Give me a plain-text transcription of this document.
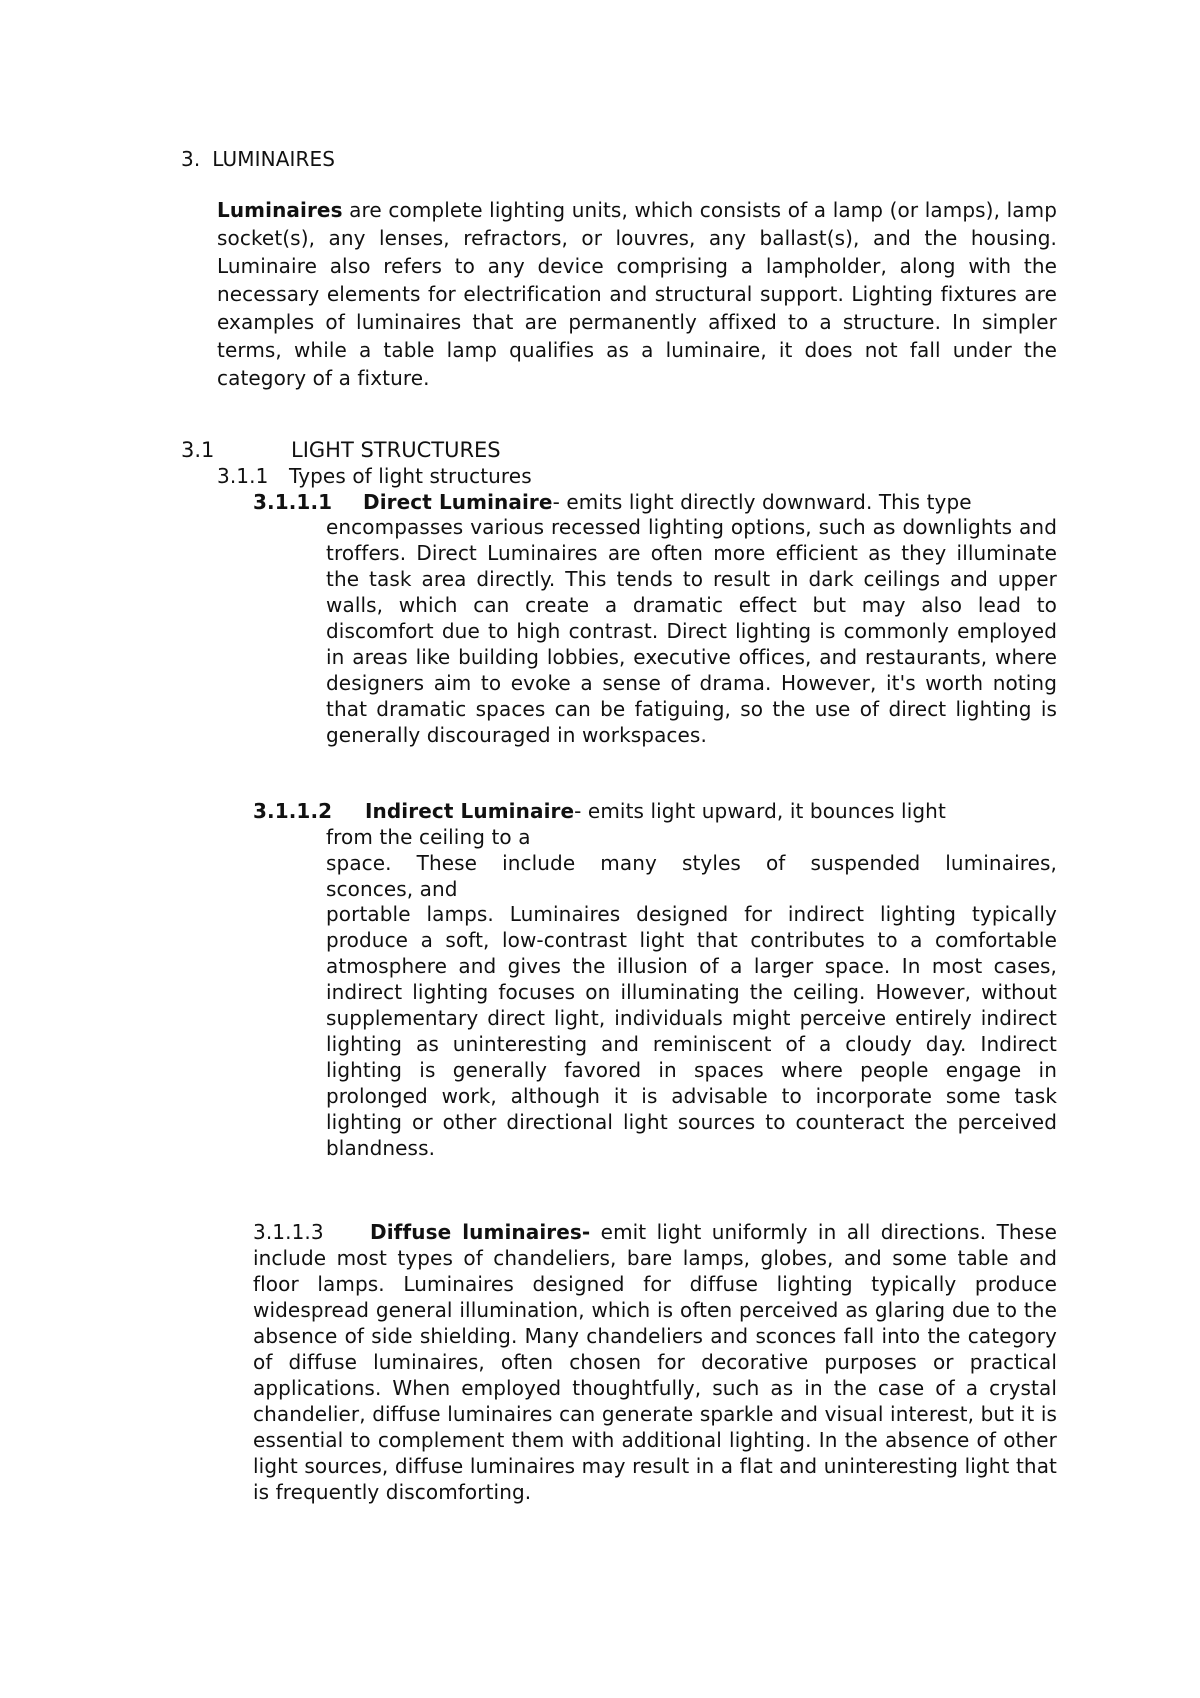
3. LUMINAIRES
Luminaires are complete lighting units, which consists of a lamp (or lamps), lamp socket(s), any lenses, refractors, or louvres, any ballast(s), and the housing. Luminaire also refers to any device comprising a lampholder, along with the necessary elements for electrification and structural support. Lighting fixtures are examples of luminaires that are permanently affixed to a structure. In simpler terms, while a table lamp qualifies as a luminaire, it does not fall under the category of a fixture.
3.1	LIGHT STRUCTURES
3.1.1 Types of light structures
3.1.1.1 Direct Luminaire- emits light directly downward. This type
encompasses various recessed lighting options, such as downlights and troffers. Direct Luminaires are often more efficient as they illuminate the task area directly. This tends to result in dark ceilings and upper walls, which can create a dramatic effect but may also lead to discomfort due to high contrast. Direct lighting is commonly employed in areas like building lobbies, executive offices, and restaurants, where designers aim to evoke a sense of drama. However, it's worth noting that dramatic spaces can be fatiguing, so the use of direct lighting is generally discouraged in workspaces.
3.1.1.2 Indirect Luminaire- emits light upward, it bounces light
from the ceiling to a
space. These include many styles of suspended luminaires,
sconces, and
portable lamps. Luminaires designed for indirect lighting typically produce a soft, low-contrast light that contributes to a comfortable atmosphere and gives the illusion of a larger space. In most cases, indirect lighting focuses on illuminating the ceiling. However, without supplementary direct light, individuals might perceive entirely indirect lighting as uninteresting and reminiscent of a cloudy day. Indirect lighting is generally favored in spaces where people engage in prolonged work, although it is advisable to incorporate some task lighting or other directional light sources to counteract the perceived blandness.
3.1.1.3 Diffuse luminaires- emit light uniformly in all directions. These include most types of chandeliers, bare lamps, globes, and some table and floor lamps. Luminaires designed for diffuse lighting typically produce widespread general illumination, which is often perceived as glaring due to the absence of side shielding. Many chandeliers and sconces fall into the category of diffuse luminaires, often chosen for decorative purposes or practical applications. When employed thoughtfully, such as in the case of a crystal chandelier, diffuse luminaires can generate sparkle and visual interest, but it is essential to complement them with additional lighting. In the absence of other light sources, diffuse luminaires may result in a flat and uninteresting light that is frequently discomforting.
